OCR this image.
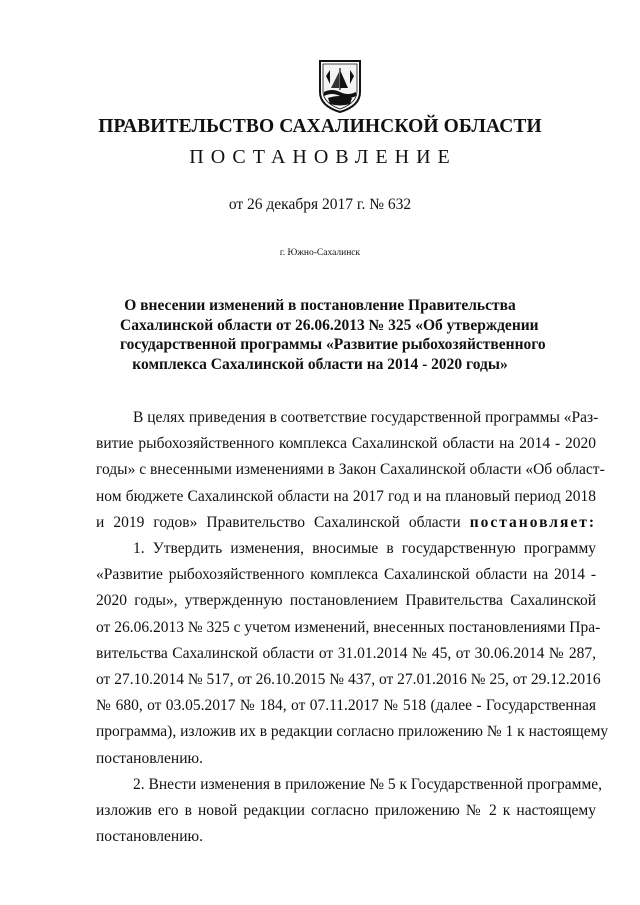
ПРАВИТЕЛЬСТВО САХАЛИНСКОЙ ОБЛАСТИ
ПОСТАНОВЛЕНИЕ
от 26 декабря 2017 г. № 632
г. Южно-Сахалинск
О внесении изменений в постановление Правительства
Сахалинской области от 26.06.2013 № 325 «Об утверждении
государственной программы «Развитие рыбохозяйственного
комплекса Сахалинской области на 2014 - 2020 годы»

В целях приведения в соответствие государственной программы «Раз-
витие рыбохозяйственного комплекса Сахалинской области на 2014 - 2020
годы» с внесенными изменениями в Закон Сахалинской области «Об област-
ном бюджете Сахалинской области на 2017 год и на плановый период 2018
и 2019 годов» Правительство Сахалинской области постановляет:

1. Утвердить изменения, вносимые в государственную программу
«Развитие рыбохозяйственного комплекса Сахалинской области на 2014 -
2020 годы», утвержденную постановлением Правительства Сахалинской
от 26.06.2013 № 325 с учетом изменений, внесенных постановлениями Пра-
вительства Сахалинской области от 31.01.2014 № 45, от 30.06.2014 № 287,
от 27.10.2014 № 517, от 26.10.2015 № 437, от 27.01.2016 № 25, от 29.12.2016
№ 680, от 03.05.2017 № 184, от 07.11.2017 № 518 (далее - Государственная
программа), изложив их в редакции согласно приложению № 1 к настоящему
постановлению.

2. Внести изменения в приложение № 5 к Государственной программе,
изложив его в новой редакции согласно приложению № 2 к настоящему
постановлению.
